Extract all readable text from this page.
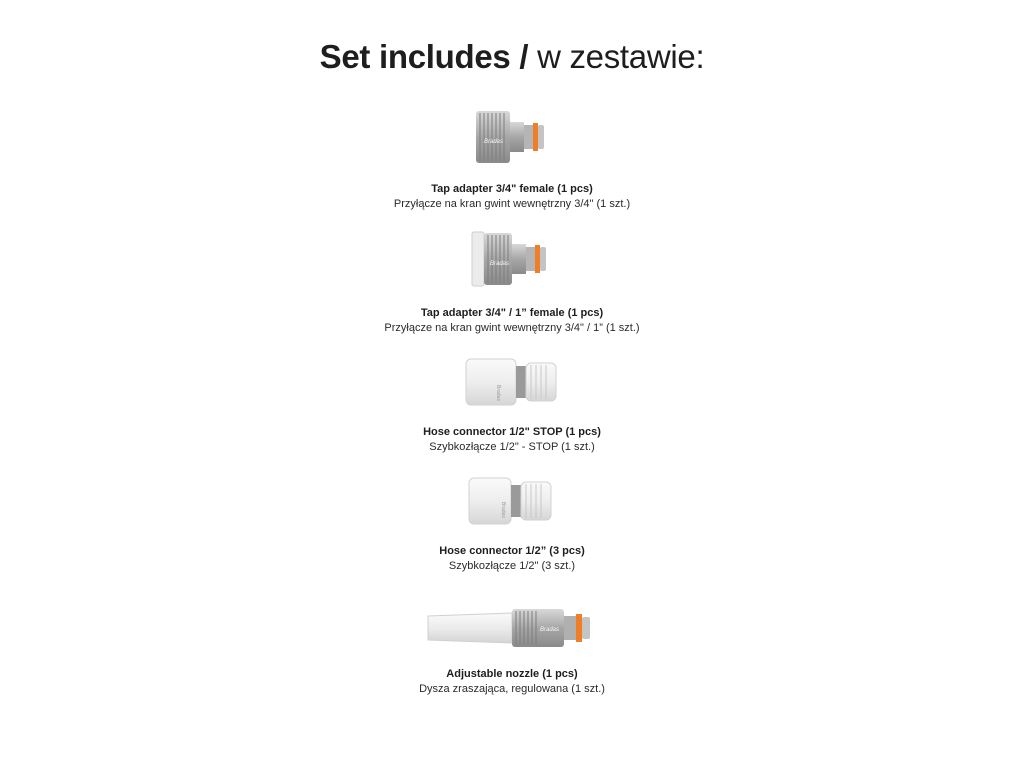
Set includes / w zestawie:
Bradas
Tap adapter 3/4" female (1 pcs)
Przyłącze na kran gwint wewnętrzny 3/4" (1 szt.)
Bradas
Tap adapter 3/4" / 1” female (1 pcs)
Przyłącze na kran gwint wewnętrzny 3/4" / 1” (1 szt.)
Bradas
Hose connector 1/2" STOP (1 pcs)
Szybkozłącze 1/2" - STOP (1 szt.)
Bradas
Hose connector 1/2” (3 pcs)
Szybkozłącze 1/2" (3 szt.)
Bradas
Adjustable nozzle (1 pcs)
Dysza zraszająca, regulowana (1 szt.)
